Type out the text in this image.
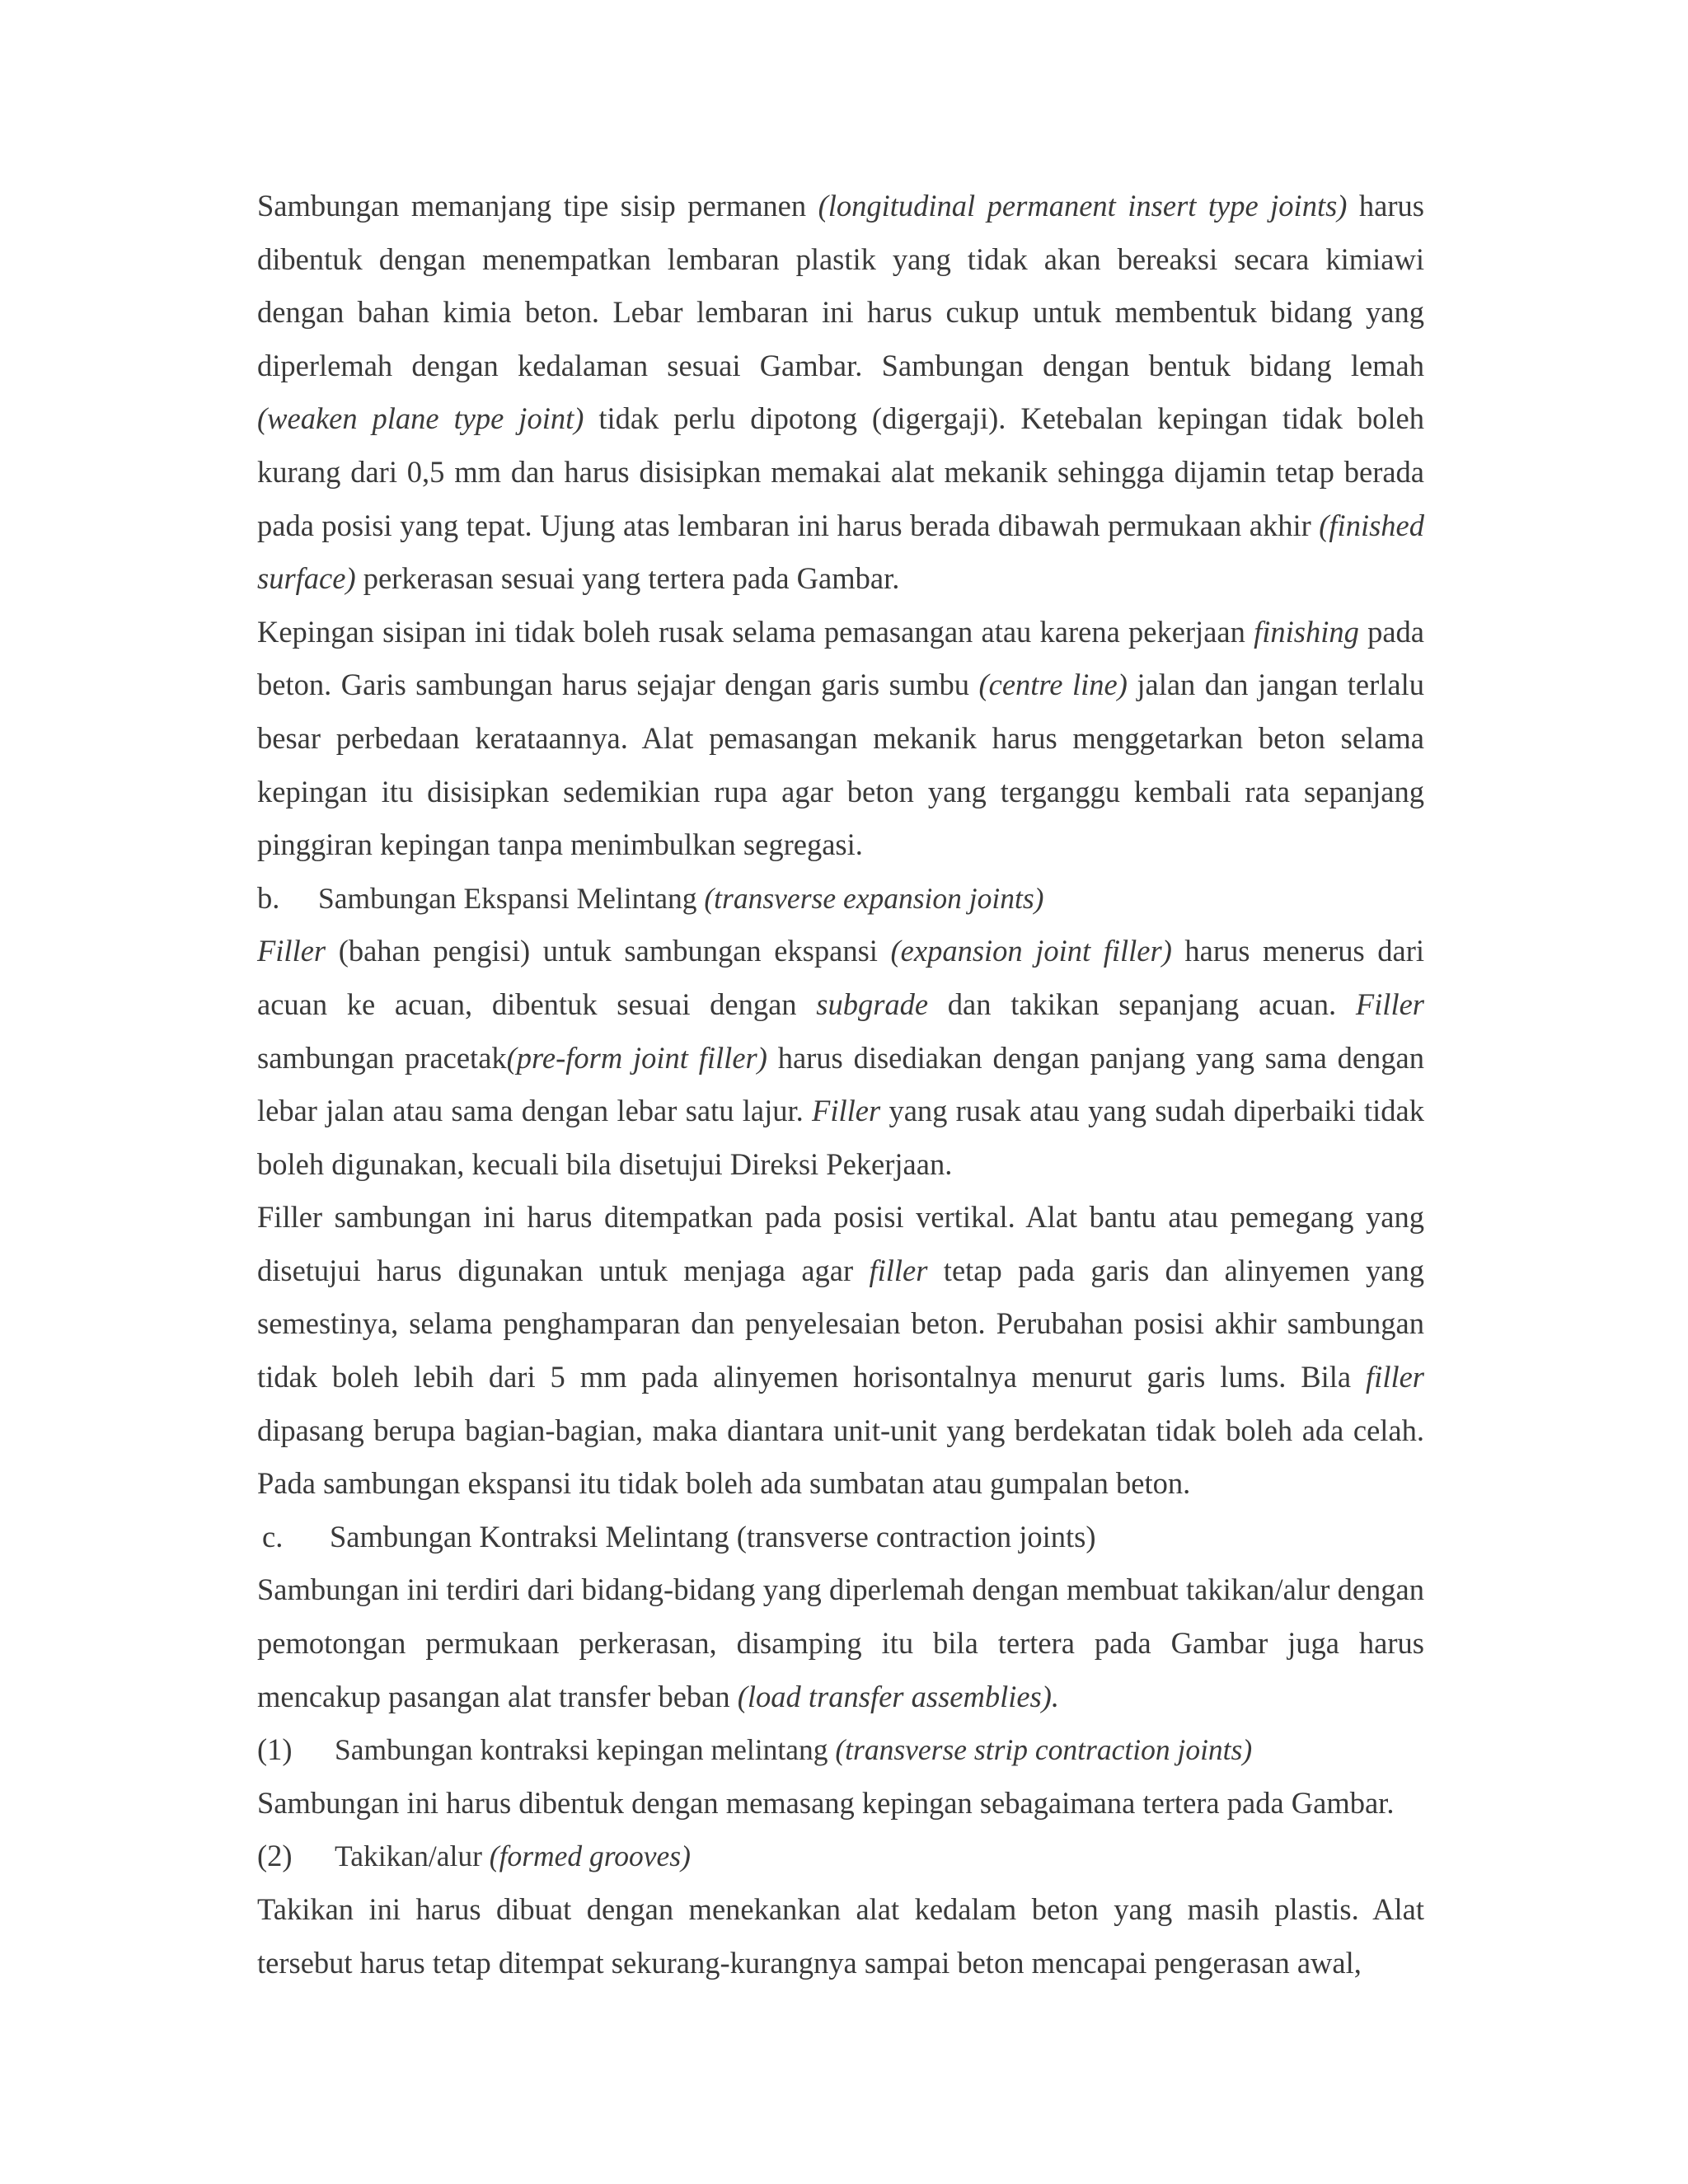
Sambungan memanjang tipe sisip permanen (longitudinal permanent insert type joints) harus dibentuk dengan menempatkan lembaran plastik yang tidak akan bereaksi secara kimiawi dengan bahan kimia beton. Lebar lembaran ini harus cukup untuk membentuk bidang yang diperlemah dengan kedalaman sesuai Gambar. Sambungan dengan bentuk bidang lemah (weaken plane type joint) tidak perlu dipotong (digergaji). Ketebalan kepingan tidak boleh kurang dari 0,5 mm dan harus disisipkan memakai alat mekanik sehingga dijamin tetap berada pada posisi yang tepat. Ujung atas lembaran ini harus berada dibawah permukaan akhir (finished surface) perkerasan sesuai yang tertera pada Gambar.

Kepingan sisipan ini tidak boleh rusak selama pemasangan atau karena pekerjaan finishing pada beton. Garis sambungan harus sejajar dengan garis sumbu (centre line) jalan dan jangan terlalu besar perbedaan kerataannya. Alat pemasangan mekanik harus menggetarkan beton selama kepingan itu disisipkan sedemikian rupa agar beton yang terganggu kembali rata sepanjang pinggiran kepingan tanpa menimbulkan segregasi.

b. Sambungan Ekspansi Melintang (transverse expansion joints)

Filler (bahan pengisi) untuk sambungan ekspansi (expansion joint filler) harus menerus dari acuan ke acuan, dibentuk sesuai dengan subgrade dan takikan sepanjang acuan. Filler sambungan pracetak(pre-form joint filler) harus disediakan dengan panjang yang sama dengan lebar jalan atau sama dengan lebar satu lajur. Filler yang rusak atau yang sudah diperbaiki tidak boleh digunakan, kecuali bila disetujui Direksi Pekerjaan.

Filler sambungan ini harus ditempatkan pada posisi vertikal. Alat bantu atau pemegang yang disetujui harus digunakan untuk menjaga agar filler tetap pada garis dan alinyemen yang semestinya, selama penghamparan dan penyelesaian beton. Perubahan posisi akhir sambungan tidak boleh lebih dari 5 mm pada alinyemen horisontalnya menurut garis lums. Bila filler dipasang berupa bagian-bagian, maka diantara unit-unit yang berdekatan tidak boleh ada celah. Pada sambungan ekspansi itu tidak boleh ada sumbatan atau gumpalan beton.

c. Sambungan Kontraksi Melintang (transverse contraction joints)

Sambungan ini terdiri dari bidang-bidang yang diperlemah dengan membuat takikan/alur dengan pemotongan permukaan perkerasan, disamping itu bila tertera pada Gambar juga harus mencakup pasangan alat transfer beban (load transfer assemblies).

(1) Sambungan kontraksi kepingan melintang (transverse strip contraction joints)

Sambungan ini harus dibentuk dengan memasang kepingan sebagaimana tertera pada Gambar.

(2) Takikan/alur (formed grooves)

Takikan ini harus dibuat dengan menekankan alat kedalam beton yang masih plastis. Alat tersebut harus tetap ditempat sekurang-kurangnya sampai beton mencapai pengerasan awal,
